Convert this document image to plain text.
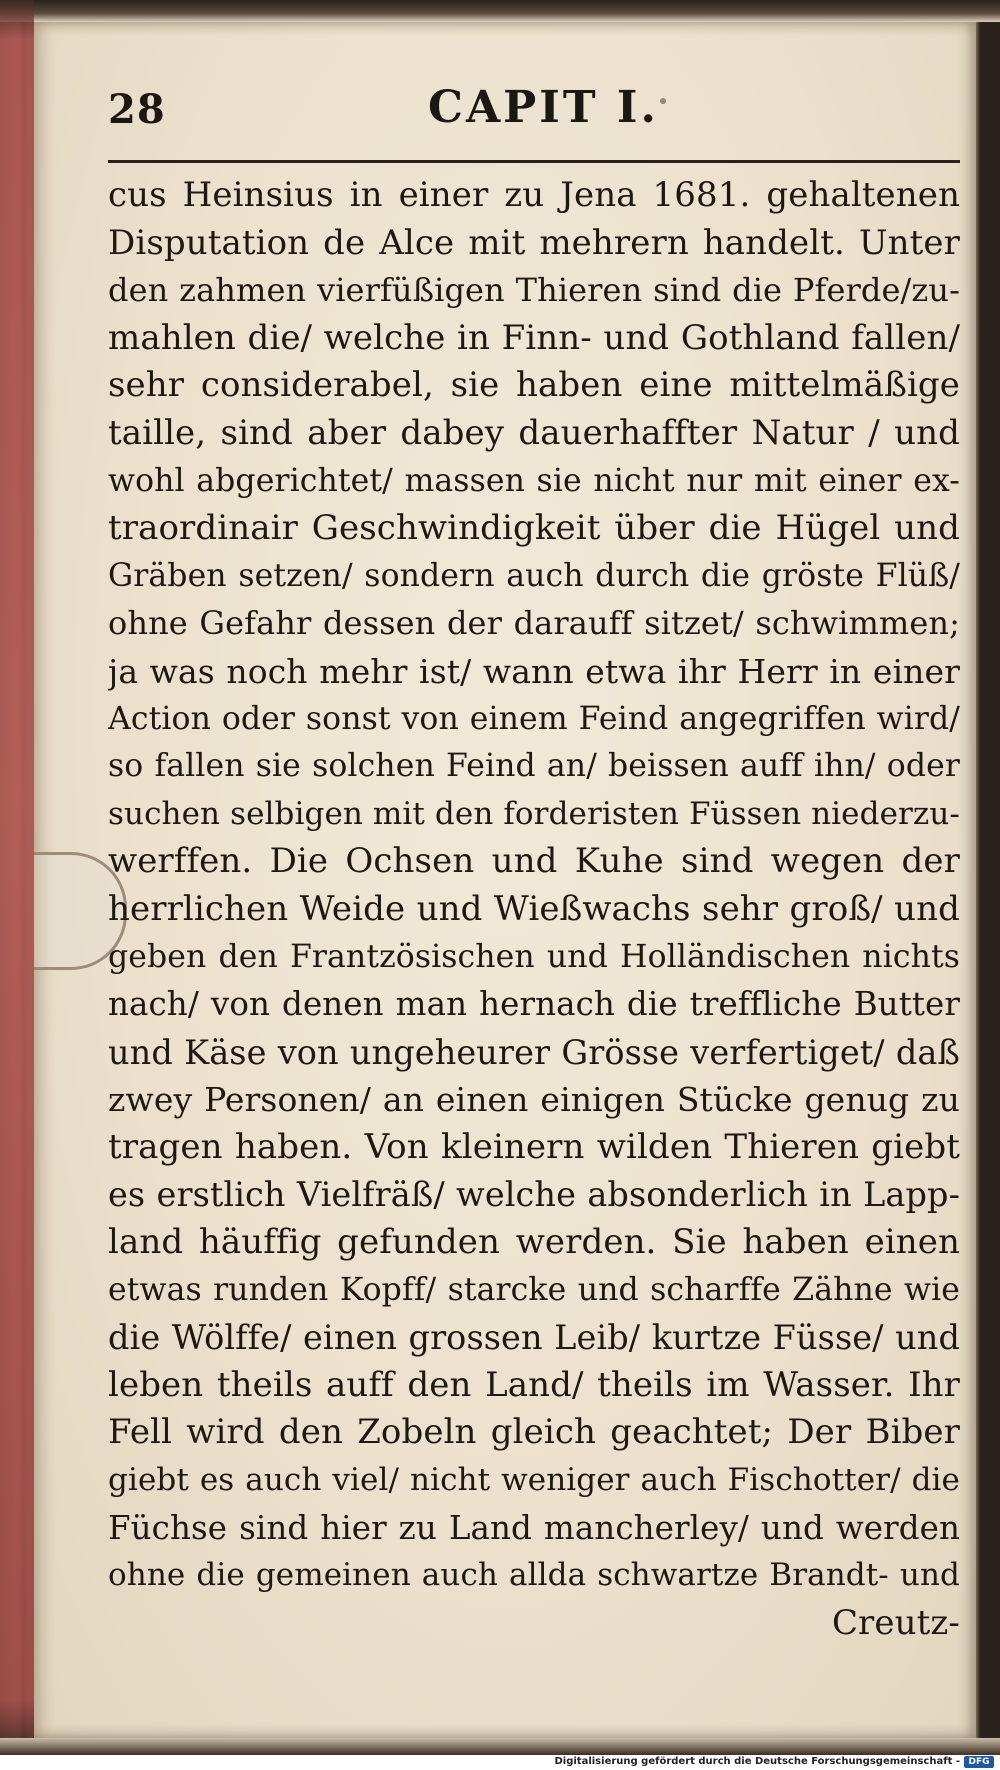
28	CAPIT I.
cus Heinsius in einer zu Jena 1681. gehaltenen
Disputation de Alce mit mehrern handelt. Unter
den zahmen vierfüßigen Thieren sind die Pferde/zu-
mahlen die/ welche in Finn- und Gothland fallen/
sehr considerabel, sie haben eine mittelmäßige
taille, sind aber dabey dauerhaffter Natur / und
wohl abgerichtet/ massen sie nicht nur mit einer ex-
traordinair Geschwindigkeit über die Hügel und
Gräben setzen/ sondern auch durch die gröste Flüß/
ohne Gefahr dessen der darauff sitzet/ schwimmen;
ja was noch mehr ist/ wann etwa ihr Herr in einer
Action oder sonst von einem Feind angegriffen wird/
so fallen sie solchen Feind an/ beissen auff ihn/ oder
suchen selbigen mit den forderisten Füssen niederzu-
werffen. Die Ochsen und Kuhe sind wegen der
herrlichen Weide und Wießwachs sehr groß/ und
geben den Frantzösischen und Holländischen nichts
nach/ von denen man hernach die treffliche Butter
und Käse von ungeheurer Grösse verfertiget/ daß
zwey Personen/ an einen einigen Stücke genug zu
tragen haben. Von kleinern wilden Thieren giebt
es erstlich Vielfräß/ welche absonderlich in Lapp-
land häuffig gefunden werden. Sie haben einen
etwas runden Kopff/ starcke und scharffe Zähne wie
die Wölffe/ einen grossen Leib/ kurtze Füsse/ und
leben theils auff den Land/ theils im Wasser. Ihr
Fell wird den Zobeln gleich geachtet; Der Biber
giebt es auch viel/ nicht weniger auch Fischotter/ die
Füchse sind hier zu Land mancherley/ und werden
ohne die gemeinen auch allda schwartze Brandt- und
Creutz-
Digitalisierung gefördert durch die Deutsche Forschungsgemeinschaft - DFG
